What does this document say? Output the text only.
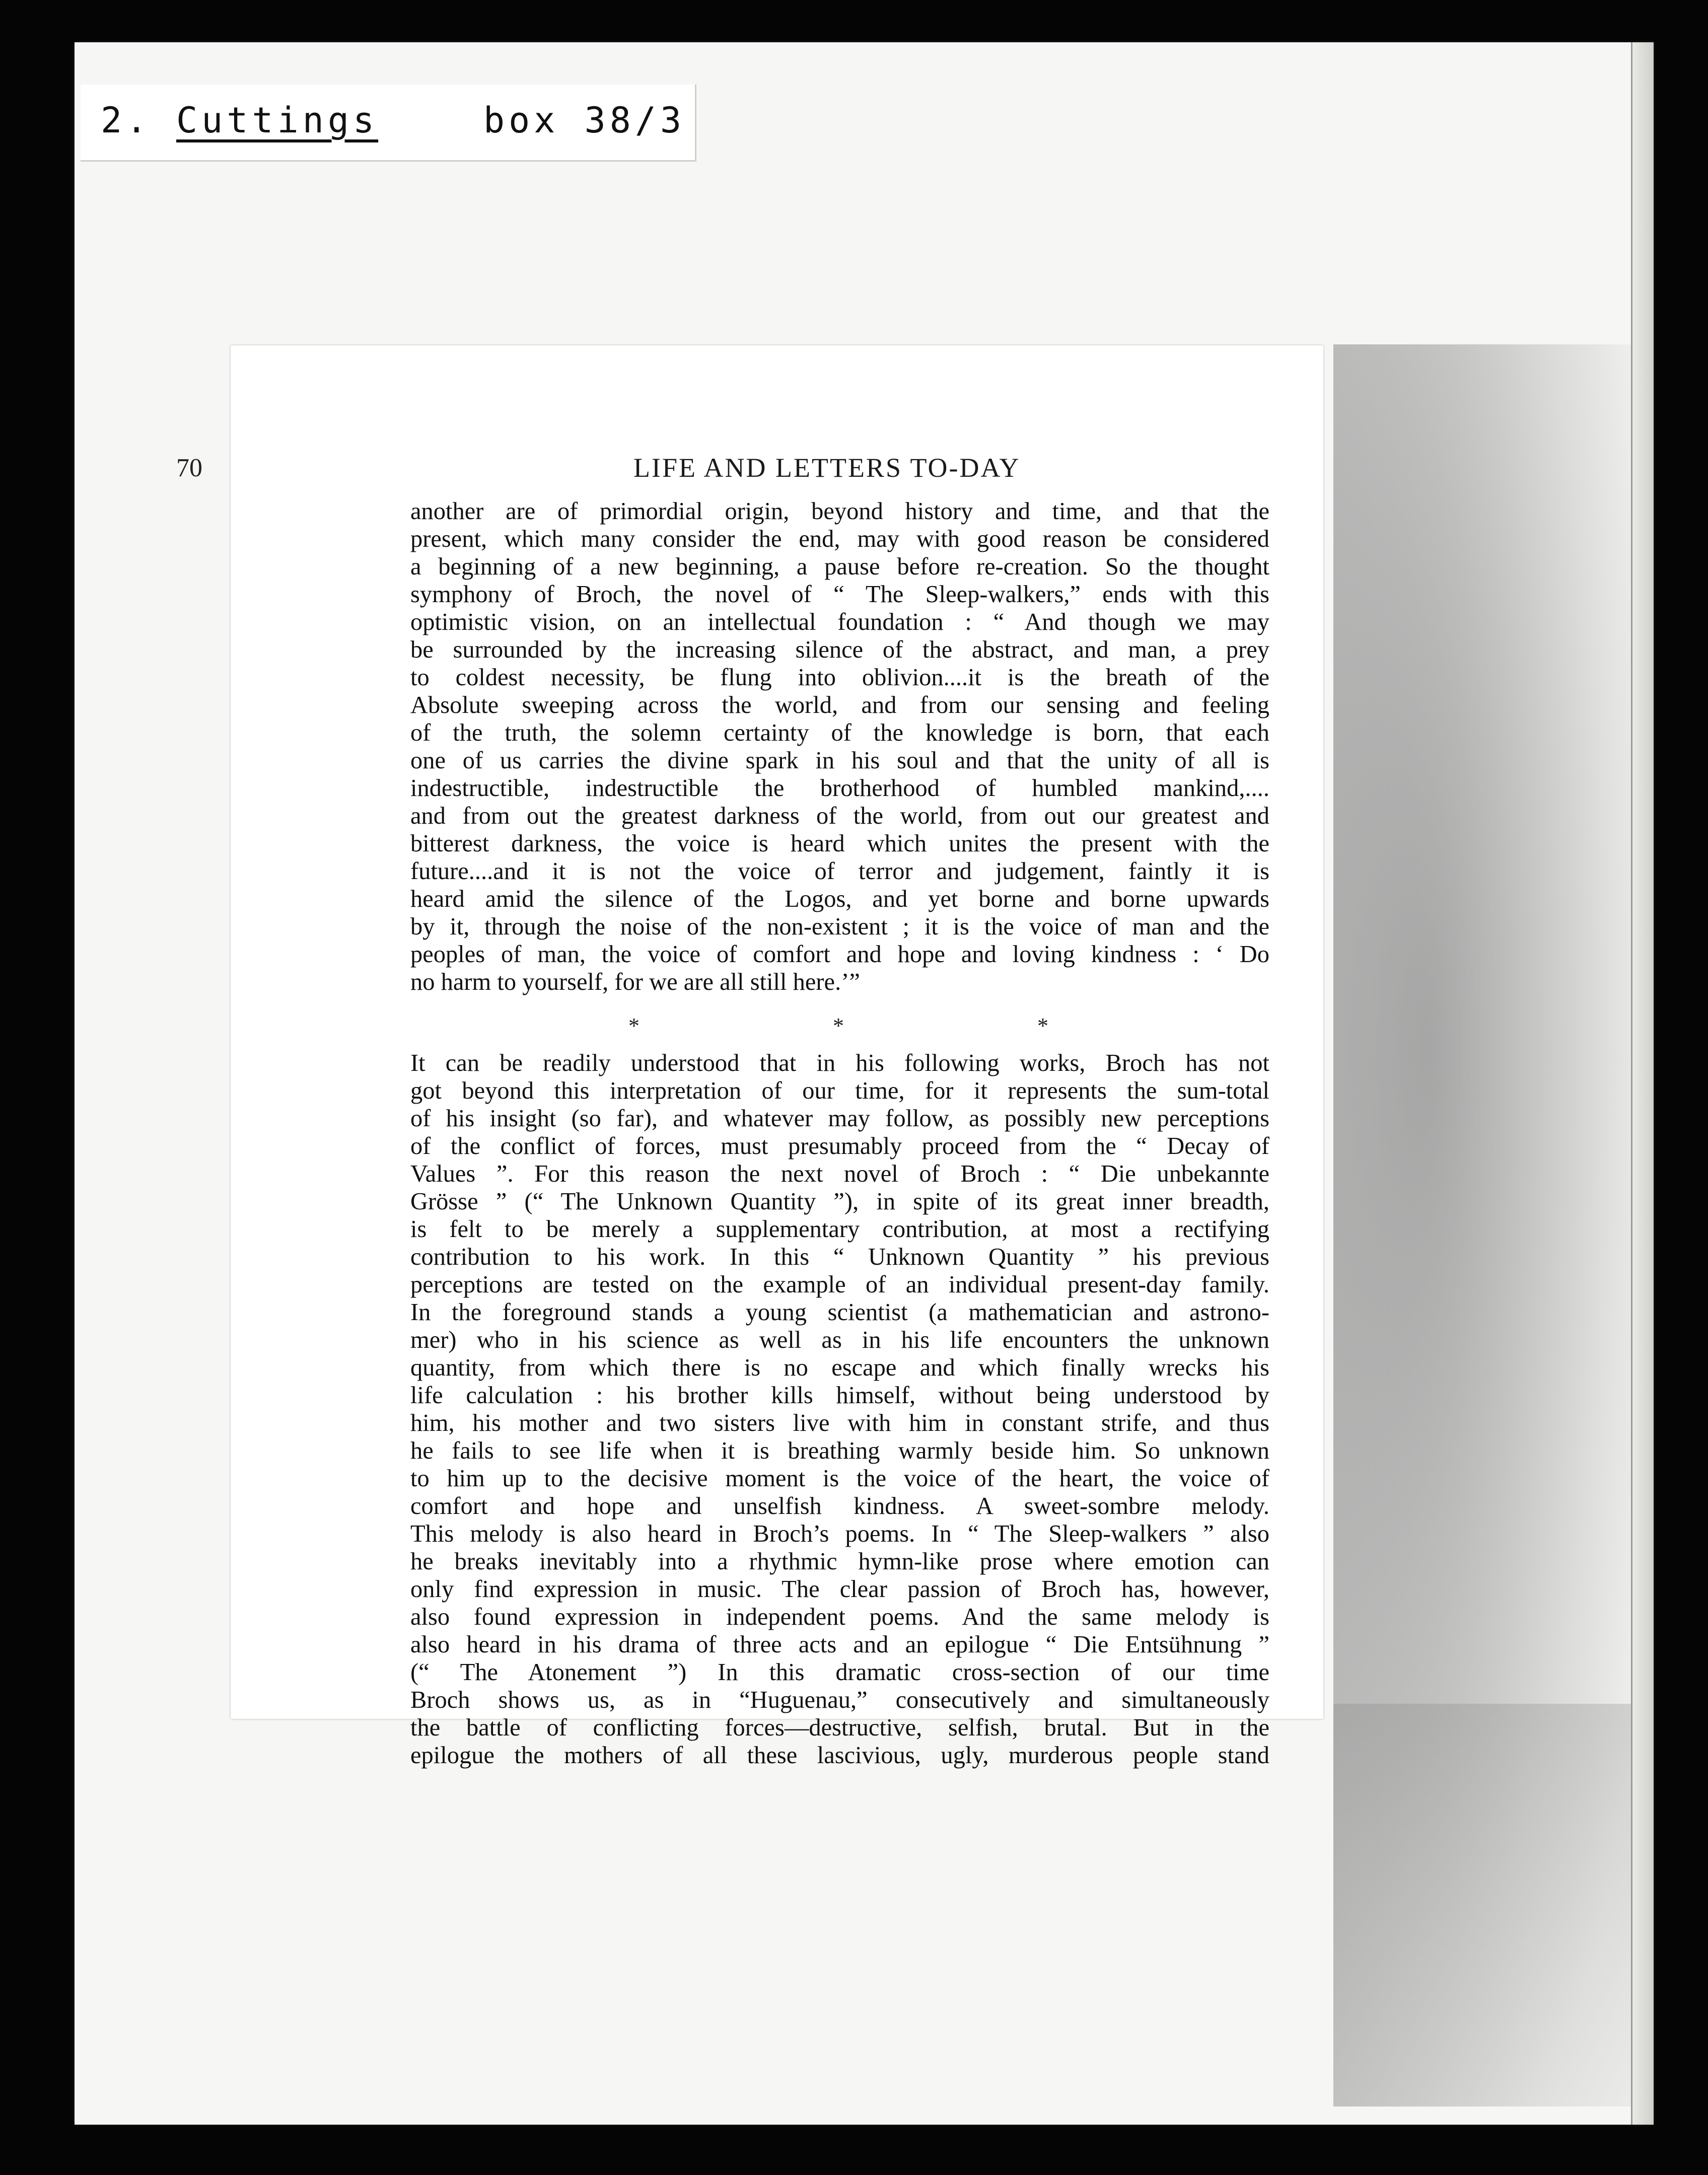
2. Cuttings	box 38/3
70	LIFE AND LETTERS TO-DAY
another are of primordial origin, beyond history and time, and that the
present, which many consider the end, may with good reason be considered
a beginning of a new beginning, a pause before re-creation. So the thought
symphony of Broch, the novel of “ The Sleep-walkers,” ends with this
optimistic vision, on an intellectual foundation : “ And though we may
be surrounded by the increasing silence of the abstract, and man, a prey
to coldest necessity, be flung into oblivion....it is the breath of the
Absolute sweeping across the world, and from our sensing and feeling
of the truth, the solemn certainty of the knowledge is born, that each
one of us carries the divine spark in his soul and that the unity of all is
indestructible, indestructible the brotherhood of humbled mankind,....
and from out the greatest darkness of the world, from out our greatest and
bitterest darkness, the voice is heard which unites the present with the
future....and it is not the voice of terror and judgement, faintly it is
heard amid the silence of the Logos, and yet borne and borne upwards
by it, through the noise of the non-existent ; it is the voice of man and the
peoples of man, the voice of comfort and hope and loving kindness : ‘ Do
no harm to yourself, for we are all still here.’”
*	*	*
It can be readily understood that in his following works, Broch has not
got beyond this interpretation of our time, for it represents the sum-total
of his insight (so far), and whatever may follow, as possibly new perceptions
of the conflict of forces, must presumably proceed from the “ Decay of
Values ”. For this reason the next novel of Broch : “ Die unbekannte
Grösse ” (“ The Unknown Quantity ”), in spite of its great inner breadth,
is felt to be merely a supplementary contribution, at most a rectifying
contribution to his work. In this “ Unknown Quantity ” his previous
perceptions are tested on the example of an individual present-day family.
In the foreground stands a young scientist (a mathematician and astrono-
mer) who in his science as well as in his life encounters the unknown
quantity, from which there is no escape and which finally wrecks his
life calculation : his brother kills himself, without being understood by
him, his mother and two sisters live with him in constant strife, and thus
he fails to see life when it is breathing warmly beside him. So unknown
to him up to the decisive moment is the voice of the heart, the voice of
comfort and hope and unselfish kindness. A sweet-sombre melody.
This melody is also heard in Broch’s poems. In “ The Sleep-walkers ” also
he breaks inevitably into a rhythmic hymn-like prose where emotion can
only find expression in music. The clear passion of Broch has, however,
also found expression in independent poems. And the same melody is
also heard in his drama of three acts and an epilogue “ Die Entsühnung ”
(“ The Atonement ”) In this dramatic cross-section of our time
Broch shows us, as in “Huguenau,” consecutively and simultaneously
the battle of conflicting forces—destructive, selfish, brutal. But in the
epilogue the mothers of all these lascivious, ugly, murderous people stand
